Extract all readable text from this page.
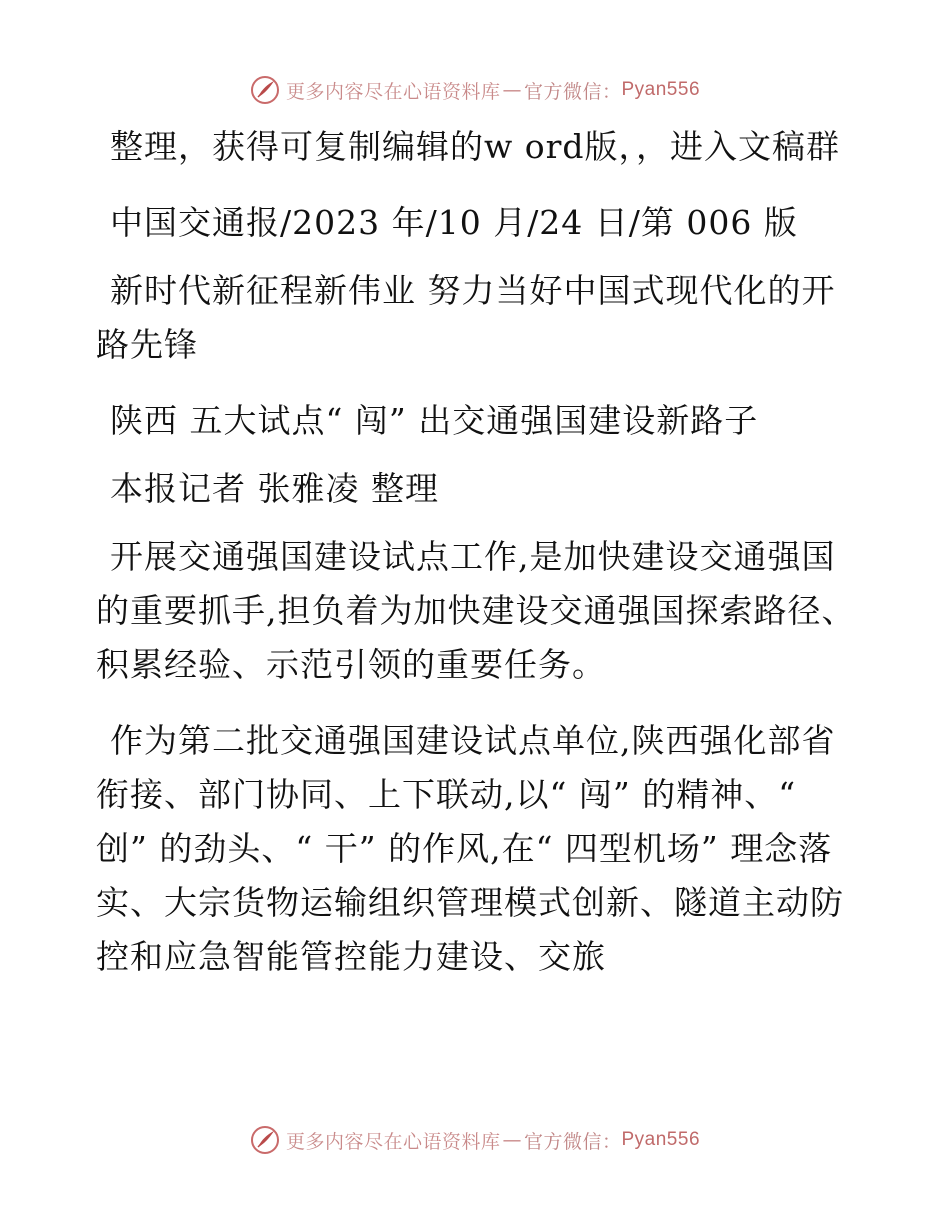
更多内容尽在心语资料库 — 官方微信： Pyan556

整理，获得可复制编辑的w ord版，，进入文稿群

中国交通报/2023 年/10 月/24 日/第 006 版

新时代新征程新伟业 努力当好中国式现代化的开路先锋

陕西 五大试点“ 闯” 出交通强国建设新路子

本报记者 张雅凌 整理

开展交通强国建设试点工作,是加快建设交通强国的重要抓手,担负着为加快建设交通强国探索路径、积累经验、示范引领的重要任务。

作为第二批交通强国建设试点单位,陕西强化部省衔接、部门协同、上下联动,以“ 闯” 的精神、“ 创” 的劲头、“ 干” 的作风,在“ 四型机场” 理念落实、大宗货物运输组织管理模式创新、隧道主动防控和应急智能管控能力建设、交旅

更多内容尽在心语资料库 — 官方微信： Pyan556
